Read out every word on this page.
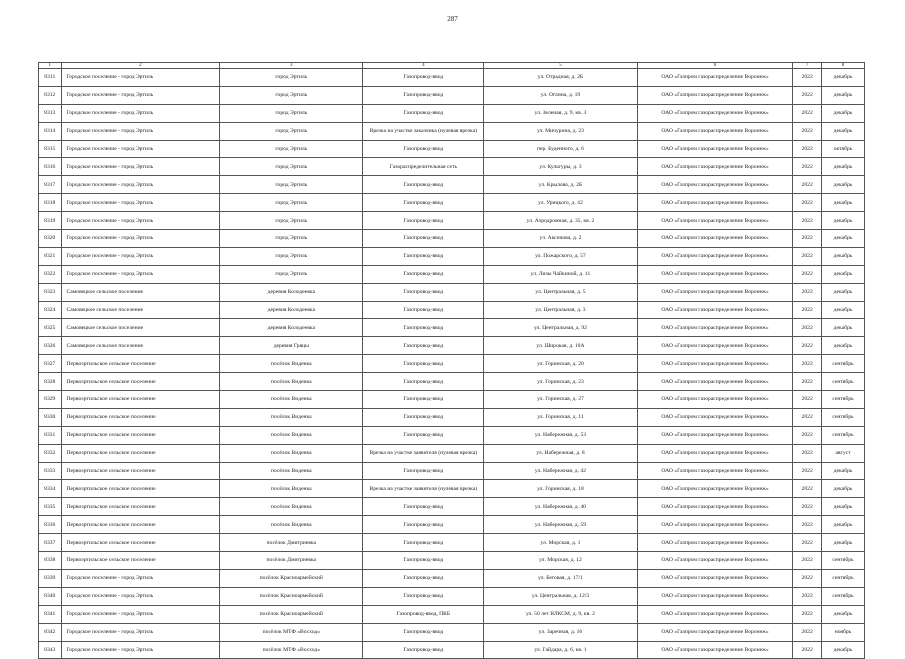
287
1	2	3	4	5	6	7	8
8311	Городское поселение - город Эртиль	город Эртиль	Газопровод-ввод	ул. Отрадная, д. 2Б	ОАО «Газпром газораспределение Воронеж»	2022	декабрь
8312	Городское поселение - город Эртиль	город Эртиль	Газопровод-ввод	ул. Оглина, д. 19	ОАО «Газпром газораспределение Воронеж»	2022	декабрь
8313	Городское поселение - город Эртиль	город Эртиль	Газопровод-ввод	ул. Зеленая, д. 9, кв. 3	ОАО «Газпром газораспределение Воронеж»	2022	декабрь
8314	Городское поселение - город Эртиль	город Эртиль	Врезка на участке заказчика (нулевая врезка)	ул. Мичурина, д. 23	ОАО «Газпром газораспределение Воронеж»	2022	декабрь
8315	Городское поселение - город Эртиль	город Эртиль	Газопровод-ввод	пер. Буденного, д. 6	ОАО «Газпром газораспределение Воронеж»	2022	октябрь
8316	Городское поселение - город Эртиль	город Эртиль	Газораспределительная сеть	ул. Культуры, д. 3	ОАО «Газпром газораспределение Воронеж»	2022	декабрь
8317	Городское поселение - город Эртиль	город Эртиль	Газопровод-ввод	ул. Крылова, д. 2Б	ОАО «Газпром газораспределение Воронеж»	2022	декабрь
8318	Городское поселение - город Эртиль	город Эртиль	Газопровод-ввод	ул. Урицкого, д. 42	ОАО «Газпром газораспределение Воронеж»	2022	декабрь
8319	Городское поселение - город Эртиль	город Эртиль	Газопровод-ввод	ул. Аэродромная, д. 35, кв. 2	ОАО «Газпром газораспределение Воронеж»	2022	декабрь
8320	Городское поселение - город Эртиль	город Эртиль	Газопровод-ввод	ул. Аксенова, д. 2	ОАО «Газпром газораспределение Воронеж»	2022	декабрь
8321	Городское поселение - город Эртиль	город Эртиль	Газопровод-ввод	ул. Пожарского, д. 57	ОАО «Газпром газораспределение Воронеж»	2022	декабрь
8322	Городское поселение - город Эртиль	город Эртиль	Газопровод-ввод	ул. Лизы Чайкиной, д. 11	ОАО «Газпром газораспределение Воронеж»	2022	декабрь
8323	Самовецкое сельское поселение	деревня Колодеевка	Газопровод-ввод	ул. Центральная, д. 5	ОАО «Газпром газораспределение Воронеж»	2022	декабрь
8324	Самовецкое сельское поселение	деревня Колодеевка	Газопровод-ввод	ул. Центральная, д. 3	ОАО «Газпром газораспределение Воронеж»	2022	декабрь
8325	Самовецкое сельское поселение	деревня Колодеевка	Газопровод-ввод	ул. Центральная, д. 92	ОАО «Газпром газораспределение Воронеж»	2022	декабрь
8326	Самовецкое сельское поселение	деревня Гряцы	Газопровод-ввод	ул. Широкая, д. 10А	ОАО «Газпром газораспределение Воронеж»	2022	декабрь
8327	Первоэртильское сельское поселение	посёлок Виденка	Газопровод-ввод	ул. Горинская, д. 20	ОАО «Газпром газораспределение Воронеж»	2022	сентябрь
8328	Первоэртильское сельское поселение	посёлок Виденка	Газопровод-ввод	ул. Горинская, д. 23	ОАО «Газпром газораспределение Воронеж»	2022	сентябрь
8329	Первоэртильское сельское поселение	посёлок Виденка	Газопровод-ввод	ул. Горинская, д. 27	ОАО «Газпром газораспределение Воронеж»	2022	сентябрь
8330	Первоэртильское сельское поселение	посёлок Виденка	Газопровод-ввод	ул. Горинская, д. 11	ОАО «Газпром газораспределение Воронеж»	2022	сентябрь
8331	Первоэртильское сельское поселение	посёлок Виденка	Газопровод-ввод	ул. Набережная, д. 53	ОАО «Газпром газораспределение Воронеж»	2022	сентябрь
8332	Первоэртильское сельское поселение	посёлок Виденка	Врезка на участке заявителя (нулевая врезка)	ул. Набережная, д. 8	ОАО «Газпром газораспределение Воронеж»	2022	август
8333	Первоэртильское сельское поселение	посёлок Виденка	Газопровод-ввод	ул. Набережная, д. 42	ОАО «Газпром газораспределение Воронеж»	2022	декабрь
8334	Первоэртильское сельское поселение	посёлок Виденка	Врезка на участке заявителя (нулевая врезка)	ул. Горинская, д. 18	ОАО «Газпром газораспределение Воронеж»	2022	декабрь
8335	Первоэртильское сельское поселение	посёлок Виденка	Газопровод-ввод	ул. Набережная, д. 40	ОАО «Газпром газораспределение Воронеж»	2022	декабрь
8336	Первоэртильское сельское поселение	посёлок Виденка	Газопровод-ввод	ул. Набережная, д. 59	ОАО «Газпром газораспределение Воронеж»	2022	декабрь
8337	Первоэртильское сельское поселение	посёлок Дмитриевка	Газопровод-ввод	ул. Морская, д. 1	ОАО «Газпром газораспределение Воронеж»	2022	декабрь
8338	Первоэртильское сельское поселение	посёлок Дмитриевка	Газопровод-ввод	ул. Морская, д. 12	ОАО «Газпром газораспределение Воронеж»	2022	сентябрь
8339	Городское поселение - город Эртиль	посёлок Красноармейский	Газопровод-ввод	ул. Беговая, д. 17/1	ОАО «Газпром газораспределение Воронеж»	2022	сентябрь
8340	Городское поселение - город Эртиль	посёлок Красноармейский	Газопровод-ввод	ул. Центральная, д. 12/3	ОАО «Газпром газораспределение Воронеж»	2022	сентябрь
8341	Городское поселение - город Эртиль	посёлок Красноармейский	Газопровод-ввод, ПКБ	ул. 50 лет ВЛКСМ, д. 9, кв. 2	ОАО «Газпром газораспределение Воронеж»	2022	декабрь
8342	Городское поселение - город Эртиль	посёлок МТФ «Восход»	Газопровод-ввод	ул. Заречная, д. 16	ОАО «Газпром газораспределение Воронеж»	2022	ноябрь
8343	Городское поселение - город Эртиль	посёлок МТФ «Восход»	Газопровод-ввод	ул. Гайдара, д. 6, кв. 1	ОАО «Газпром газораспределение Воронеж»	2022	декабрь
